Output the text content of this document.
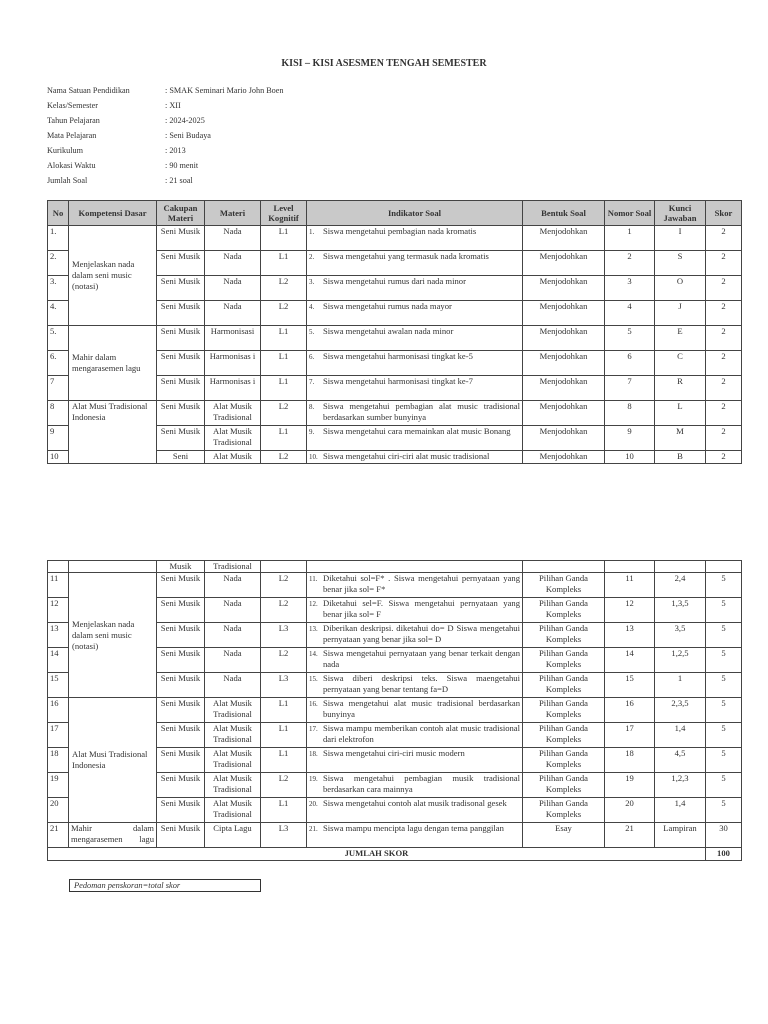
KISI – KISI ASESMEN TENGAH SEMESTER
Nama Satuan Pendidikan	: SMAK Seminari Mario John Boen
Kelas/Semester	: XII
Tahun Pelajaran	: 2024-2025
Mata Pelajaran	: Seni Budaya
Kurikulum	: 2013
Alokasi Waktu	: 90 menit
Jumlah Soal	: 21 soal
No	Kompetensi Dasar	Cakupan Materi	Materi	Level Kognitif	Indikator Soal	Bentuk Soal	Nomor Soal	Kunci Jawaban	Skor
1.	Menjelaskan nada dalam seni music (notasi)	Seni Musik	Nada	L1	1. Siswa mengetahui pembagian nada kromatis	Menjodohkan	1	I	2
2.		Seni Musik	Nada	L1	2. Siswa mengetahui yang termasuk nada kromatis	Menjodohkan	2	S	2
3.		Seni Musik	Nada	L2	3. Siswa mengetahui rumus dari nada minor	Menjodohkan	3	O	2
4.		Seni Musik	Nada	L2	4. Siswa mengetahui rumus nada mayor	Menjodohkan	4	J	2
5.	Mahir dalam mengarasemen lagu	Seni Musik	Harmonisasi	L1	5. Siswa mengetahui awalan nada minor	Menjodohkan	5	E	2
6.		Seni Musik	Harmonisas i	L1	6. Siswa mengetahui harmonisasi tingkat ke-5	Menjodohkan	6	C	2
7		Seni Musik	Harmonisas i	L1	7. Siswa mengetahui harmonisasi tingkat ke-7	Menjodohkan	7	R	2
8	Alat Musi Tradisional Indonesia	Seni Musik	Alat Musik Tradisional	L2	8. Siswa mengetahui pembagian alat music tradisional berdasarkan sumber bunyinya	Menjodohkan	8	L	2
9		Seni Musik	Alat Musik Tradisional	L1	9. Siswa mengetahui cara memainkan alat music Bonang	Menjodohkan	9	M	2
10		Seni	Alat Musik	L2	10. Siswa mengetahui ciri-ciri alat music tradisional	Menjodohkan	10	B	2
		Musik	Tradisional						
11	Menjelaskan nada dalam seni music (notasi)	Seni Musik	Nada	L2	11. Diketahui sol=F* . Siswa mengetahui pernyataan yang benar jika sol= F*	Pilihan Ganda Kompleks	11	2,4	5
12		Seni Musik	Nada	L2	12. Diketahui sel=F. Siswa mengetahui pernyataan yang benar jika sol= F	Pilihan Ganda Kompleks	12	1,3,5	5
13		Seni Musik	Nada	L3	13. Diberikan deskripsi. diketahui do= D Siswa mengetahui pernyataan yang benar jika sol= D	Pilihan Ganda Kompleks	13	3,5	5
14		Seni Musik	Nada	L2	14. Siswa mengetahui pernyataan yang benar terkait dengan nada	Pilihan Ganda Kompleks	14	1,2,5	5
15		Seni Musik	Nada	L3	15. Siswa diberi deskripsi teks. Siswa maengetahui pernyataan yang benar tentang fa=D	Pilihan Ganda Kompleks	15	1	5
16	Alat Musi Tradisional Indonesia	Seni Musik	Alat Musik Tradisional	L1	16. Siswa mengetahui alat music tradisional berdasarkan bunyinya	Pilihan Ganda Kompleks	16	2,3,5	5
17		Seni Musik	Alat Musik Tradisional	L1	17. Siswa mampu memberikan contoh alat music tradisional dari elektrofon	Pilihan Ganda Kompleks	17	1,4	5
18		Seni Musik	Alat Musik Tradisional	L1	18. Siswa mengetahui ciri-ciri music modern	Pilihan Ganda Kompleks	18	4,5	5
19		Seni Musik	Alat Musik Tradisional	L2	19. Siswa mengetahui pembagian musik tradisional berdasarkan cara mainnya	Pilihan Ganda Kompleks	19	1,2,3	5
20		Seni Musik	Alat Musik Tradisional	L1	20. Siswa mengetahui contoh alat musik tradisonal gesek	Pilihan Ganda Kompleks	20	1,4	5
21	Mahir dalam mengarasemen lagu	Seni Musik	Cipta Lagu	L3	21. Siswa mampu mencipta lagu dengan tema panggilan	Esay	21	Lampiran	30
JUMLAH SKOR									100
Pedoman penskoran=total skor
